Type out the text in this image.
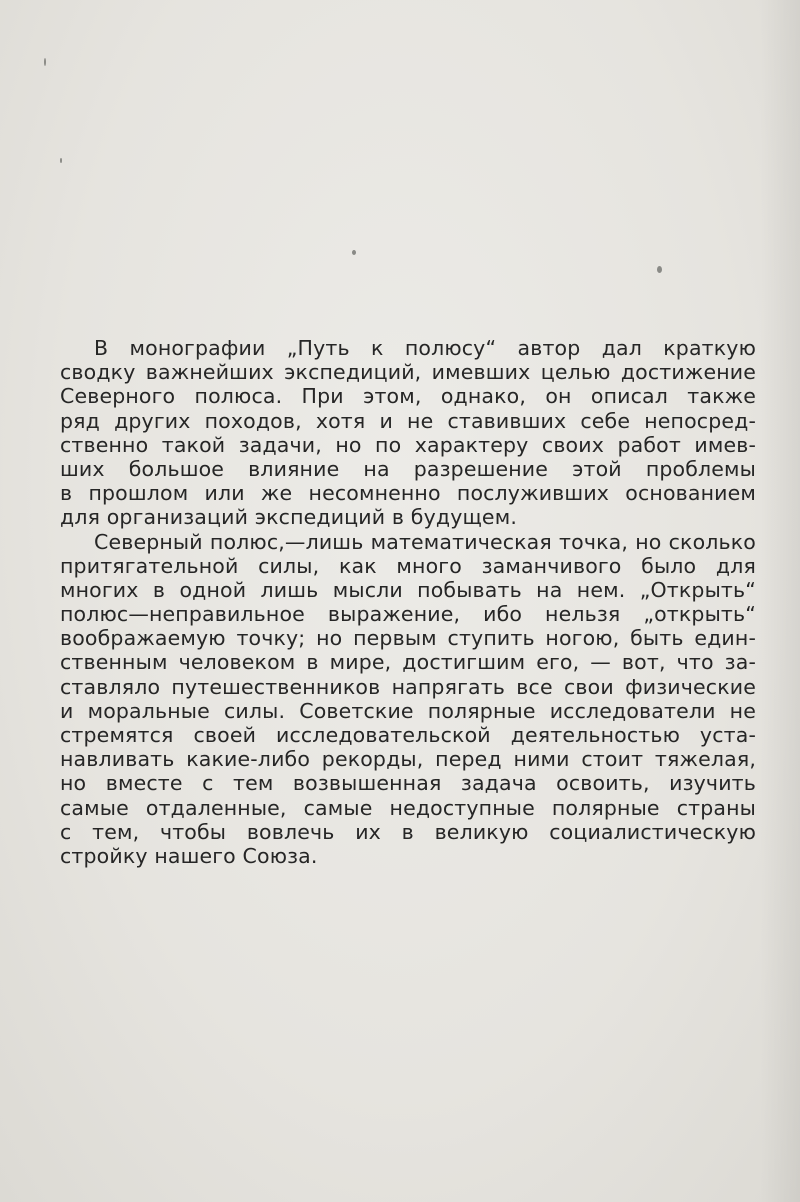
В монографии „Путь к полюсу“ автор дал краткую
сводку важнейших экспедиций, имевших целью достижение
Северного полюса. При этом, однако, он описал также
ряд других походов, хотя и не ставивших себе непосред-
ственно такой задачи, но по характеру своих работ имев-
ших большое влияние на разрешение этой проблемы
в прошлом или же несомненно послуживших основанием
для организаций экспедиций в будущем.
Северный полюс,—лишь математическая точка, но сколько
притягательной силы, как много заманчивого было для
многих в одной лишь мысли побывать на нем. „Открыть“
полюс—неправильное выражение, ибо нельзя „открыть“
воображаемую точку; но первым ступить ногою, быть един-
ственным человеком в мире, достигшим его, — вот, что за-
ставляло путешественников напрягать все свои физические
и моральные силы. Советские полярные исследователи не
стремятся своей исследовательской деятельностью уста-
навливать какие-либо рекорды, перед ними стоит тяжелая,
но вместе с тем возвышенная задача освоить, изучить
самые отдаленные, самые недоступные полярные страны
с тем, чтобы вовлечь их в великую социалистическую
стройку нашего Союза.
